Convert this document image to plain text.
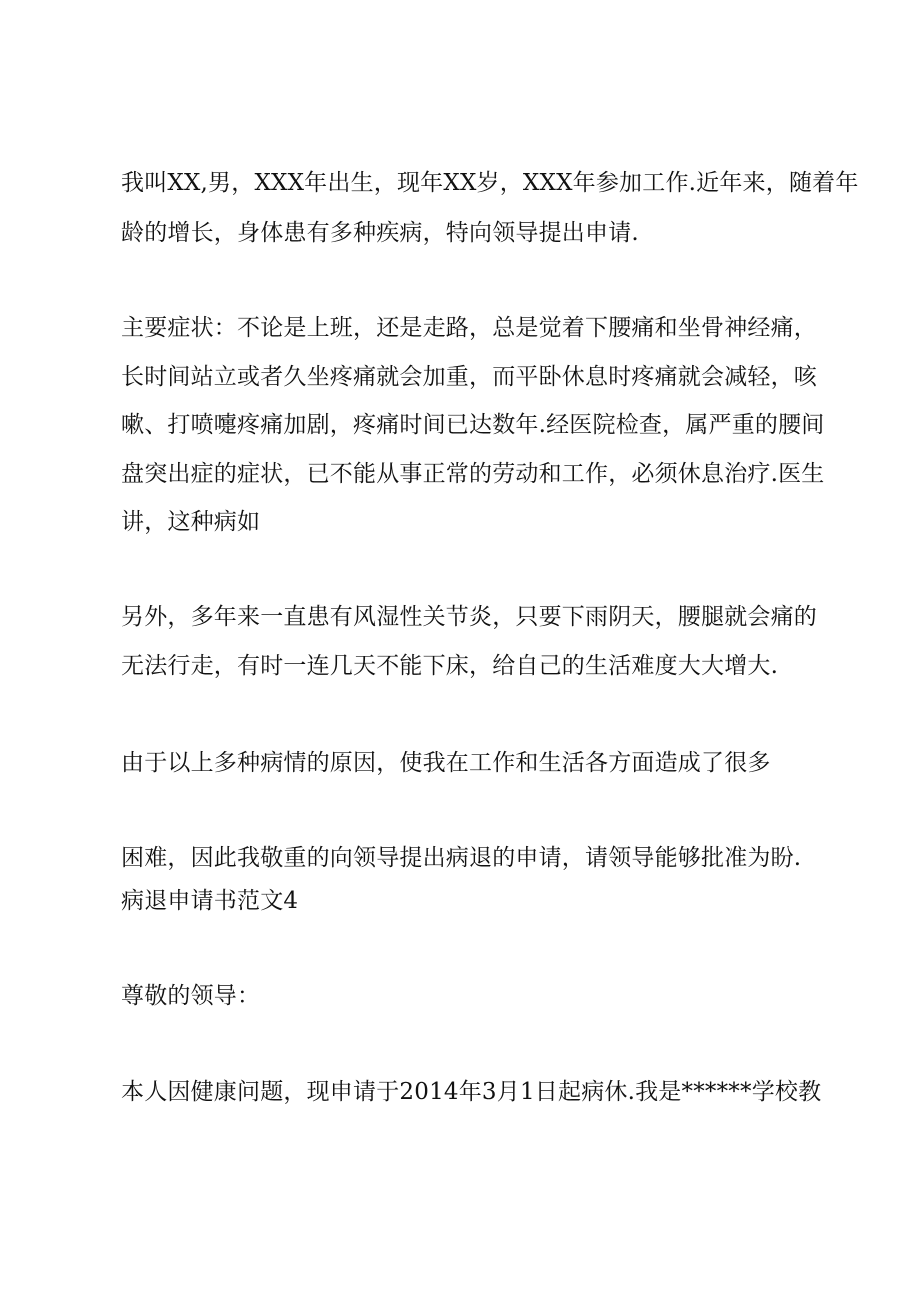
我叫XX,男，XXX年出生，现年XX岁，XXX年参加工作.近年来，随着年
龄的增长，身体患有多种疾病，特向领导提出申请.
主要症状：不论是上班，还是走路，总是觉着下腰痛和坐骨神经痛，
长时间站立或者久坐疼痛就会加重，而平卧休息时疼痛就会减轻，咳
嗽、打喷嚏疼痛加剧，疼痛时间已达数年.经医院检查，属严重的腰间
盘突出症的症状，已不能从事正常的劳动和工作，必须休息治疗.医生
讲，这种病如
另外，多年来一直患有风湿性关节炎，只要下雨阴天，腰腿就会痛的
无法行走，有时一连几天不能下床，给自己的生活难度大大增大.
由于以上多种病情的原因，使我在工作和生活各方面造成了很多
困难，因此我敬重的向领导提出病退的申请，请领导能够批准为盼.
病退申请书范文4
尊敬的领导：
本人因健康问题，现申请于2014年3月1日起病休.我是******学校教
